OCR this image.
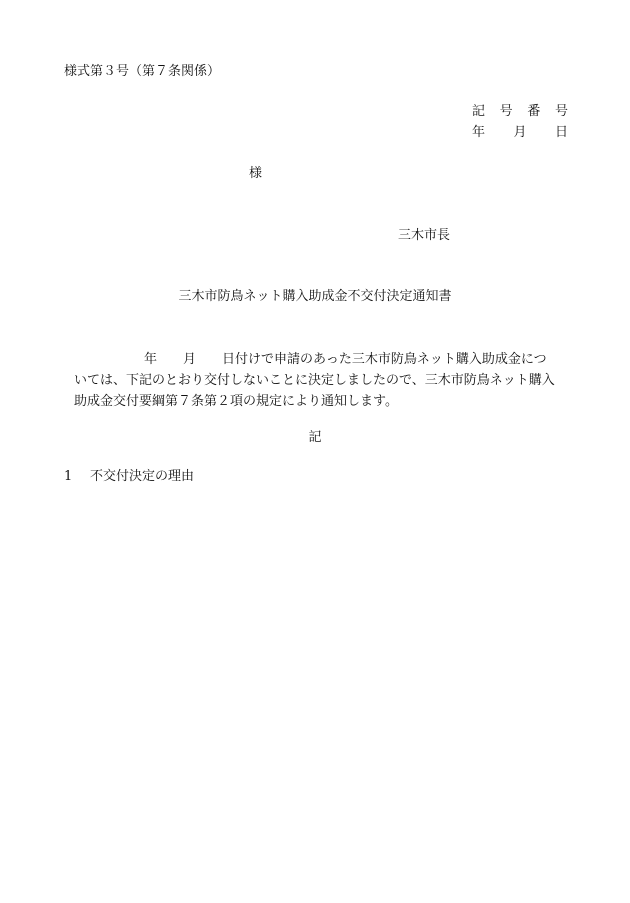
様式第３号（第７条関係）
記号番号
年月日
様
三木市長
三木市防鳥ネット購入助成金不交付決定通知書
年　　月　　日付けで申請のあった三木市防鳥ネット購入助成金につ
いては、下記のとおり交付しないことに決定しましたので、三木市防鳥ネット購入
助成金交付要綱第７条第２項の規定により通知します。
記
1 不交付決定の理由
